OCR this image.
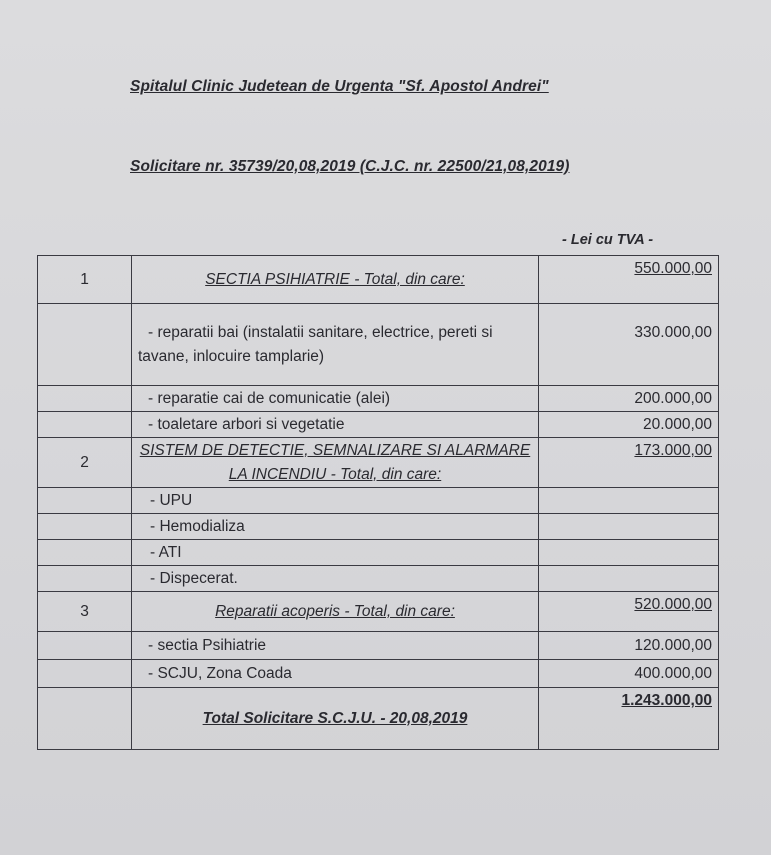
Spitalul Clinic Judetean de Urgenta "Sf. Apostol Andrei"
Solicitare nr. 35739/20,08,2019 (C.J.C. nr. 22500/21,08,2019)
- Lei cu TVA -
1	SECTIA PSIHIATRIE - Total, din care:	550.000,00
	- reparatii bai (instalatii sanitare, electrice, pereti si tavane, inlocuire tamplarie)	330.000,00
	- reparatie cai de comunicatie (alei)	200.000,00
	- toaletare arbori si vegetatie	20.000,00
2	SISTEM DE DETECTIE, SEMNALIZARE SI ALARMARE LA INCENDIU - Total, din care:	173.000,00
	- UPU	
	- Hemodializa	
	- ATI	
	- Dispecerat.	
3	Reparatii acoperis - Total, din care:	520.000,00
	- sectia Psihiatrie	120.000,00
	- SCJU, Zona Coada	400.000,00
	Total Solicitare S.C.J.U. - 20,08,2019	1.243.000,00
